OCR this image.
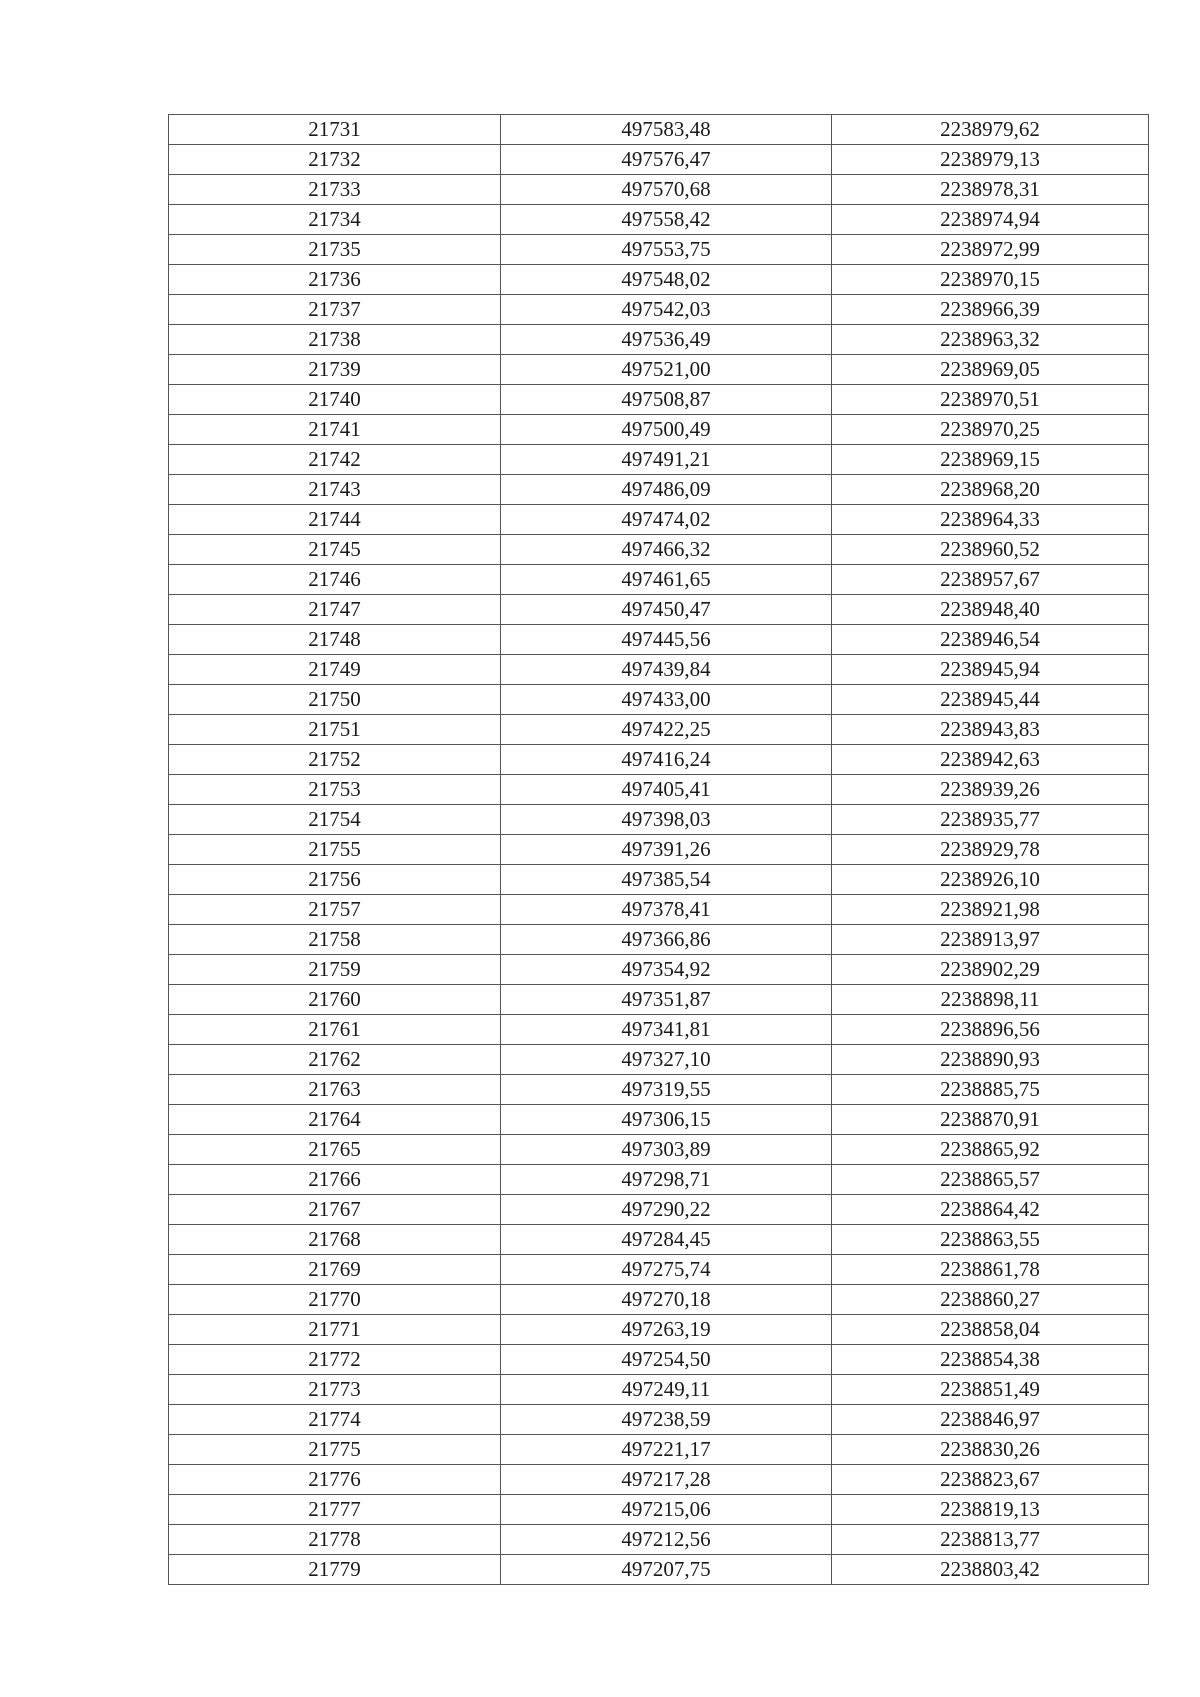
21731	497583,48	2238979,62
21732	497576,47	2238979,13
21733	497570,68	2238978,31
21734	497558,42	2238974,94
21735	497553,75	2238972,99
21736	497548,02	2238970,15
21737	497542,03	2238966,39
21738	497536,49	2238963,32
21739	497521,00	2238969,05
21740	497508,87	2238970,51
21741	497500,49	2238970,25
21742	497491,21	2238969,15
21743	497486,09	2238968,20
21744	497474,02	2238964,33
21745	497466,32	2238960,52
21746	497461,65	2238957,67
21747	497450,47	2238948,40
21748	497445,56	2238946,54
21749	497439,84	2238945,94
21750	497433,00	2238945,44
21751	497422,25	2238943,83
21752	497416,24	2238942,63
21753	497405,41	2238939,26
21754	497398,03	2238935,77
21755	497391,26	2238929,78
21756	497385,54	2238926,10
21757	497378,41	2238921,98
21758	497366,86	2238913,97
21759	497354,92	2238902,29
21760	497351,87	2238898,11
21761	497341,81	2238896,56
21762	497327,10	2238890,93
21763	497319,55	2238885,75
21764	497306,15	2238870,91
21765	497303,89	2238865,92
21766	497298,71	2238865,57
21767	497290,22	2238864,42
21768	497284,45	2238863,55
21769	497275,74	2238861,78
21770	497270,18	2238860,27
21771	497263,19	2238858,04
21772	497254,50	2238854,38
21773	497249,11	2238851,49
21774	497238,59	2238846,97
21775	497221,17	2238830,26
21776	497217,28	2238823,67
21777	497215,06	2238819,13
21778	497212,56	2238813,77
21779	497207,75	2238803,42
